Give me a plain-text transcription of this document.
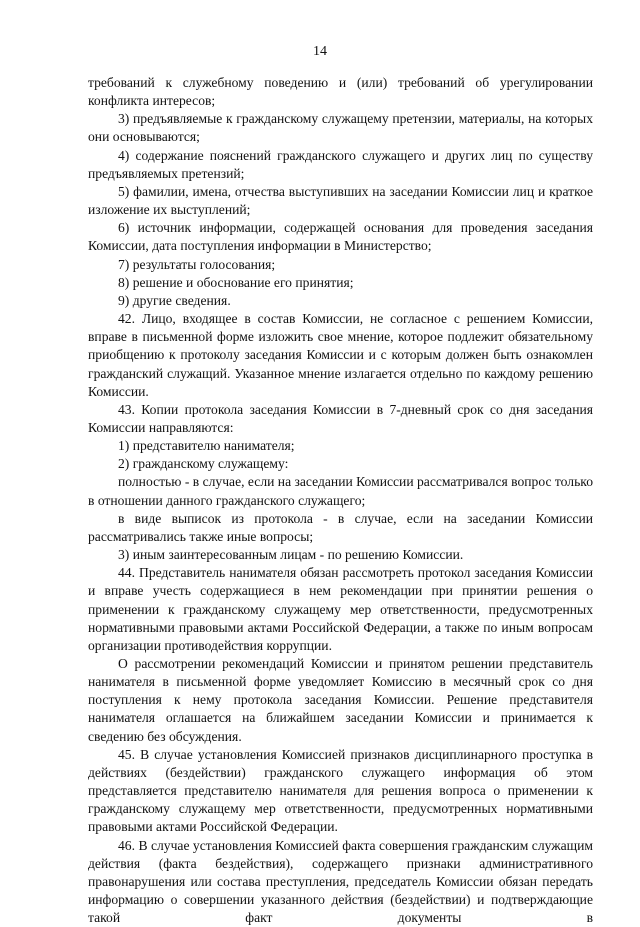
14

требований к служебному поведению и (или) требований об урегулировании конфликта интересов;

3) предъявляемые к гражданскому служащему претензии, материалы, на которых они основываются;

4) содержание пояснений гражданского служащего и других лиц по существу предъявляемых претензий;

5) фамилии, имена, отчества выступивших на заседании Комиссии лиц и краткое изложение их выступлений;

6) источник информации, содержащей основания для проведения заседания Комиссии, дата поступления информации в Министерство;

7) результаты голосования;

8) решение и обоснование его принятия;

9) другие сведения.

42. Лицо, входящее в состав Комиссии, не согласное с решением Комиссии, вправе в письменной форме изложить свое мнение, которое подлежит обязательному приобщению к протоколу заседания Комиссии и с которым должен быть ознакомлен гражданский служащий. Указанное мнение излагается отдельно по каждому решению Комиссии.

43. Копии протокола заседания Комиссии в 7-дневный срок со дня заседания Комиссии направляются:

1) представителю нанимателя;

2) гражданскому служащему:

полностью - в случае, если на заседании Комиссии рассматривался вопрос только в отношении данного гражданского служащего;

в виде выписок из протокола - в случае, если на заседании Комиссии рассматривались также иные вопросы;

3) иным заинтересованным лицам - по решению Комиссии.

44. Представитель нанимателя обязан рассмотреть протокол заседания Комиссии и вправе учесть содержащиеся в нем рекомендации при принятии решения о применении к гражданскому служащему мер ответственности, предусмотренных нормативными правовыми актами Российской Федерации, а также по иным вопросам организации противодействия коррупции.

О рассмотрении рекомендаций Комиссии и принятом решении представитель нанимателя в письменной форме уведомляет Комиссию в месячный срок со дня поступления к нему протокола заседания Комиссии. Решение представителя нанимателя оглашается на ближайшем заседании Комиссии и принимается к сведению без обсуждения.

45. В случае установления Комиссией признаков дисциплинарного проступка в действиях (бездействии) гражданского служащего информация об этом представляется представителю нанимателя для решения вопроса о применении к гражданскому служащему мер ответственности, предусмотренных нормативными правовыми актами Российской Федерации.

46. В случае установления Комиссией факта совершения гражданским служащим действия (факта бездействия), содержащего признаки административного правонарушения или состава преступления, председатель Комиссии обязан передать информацию о совершении указанного действия (бездействии) и подтверждающие такой факт документы в
